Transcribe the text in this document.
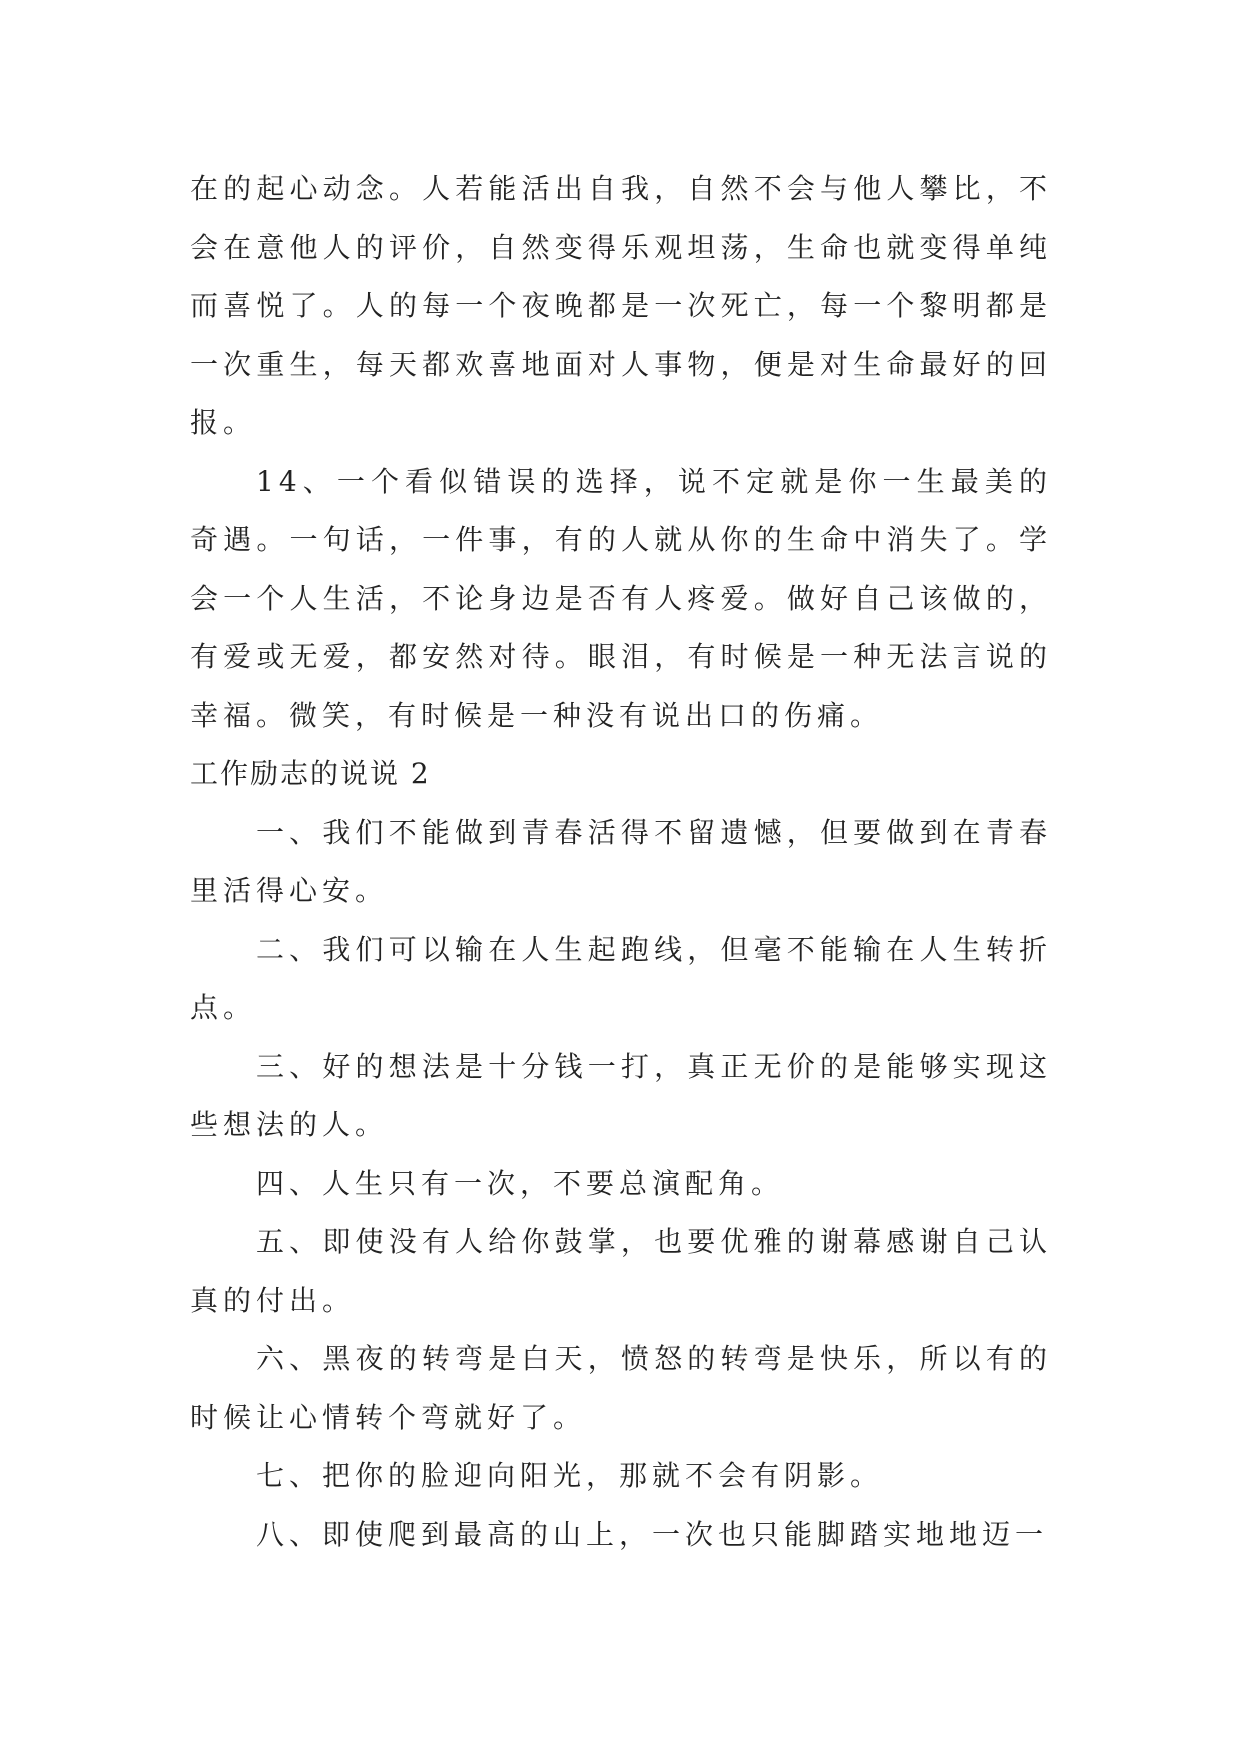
在的起心动念。人若能活出自我，自然不会与他人攀比，不会在意他人的评价，自然变得乐观坦荡，生命也就变得单纯而喜悦了。人的每一个夜晚都是一次死亡，每一个黎明都是一次重生，每天都欢喜地面对人事物，便是对生命最好的回报。

14、一个看似错误的选择，说不定就是你一生最美的奇遇。一句话，一件事，有的人就从你的生命中消失了。学会一个人生活，不论身边是否有人疼爱。做好自己该做的，有爱或无爱，都安然对待。眼泪，有时候是一种无法言说的幸福。微笑，有时候是一种没有说出口的伤痛。

工作励志的说说 2

一、我们不能做到青春活得不留遗憾，但要做到在青春里活得心安。

二、我们可以输在人生起跑线，但毫不能输在人生转折点。

三、好的想法是十分钱一打，真正无价的是能够实现这些想法的人。

四、人生只有一次，不要总演配角。

五、即使没有人给你鼓掌，也要优雅的谢幕感谢自己认真的付出。

六、黑夜的转弯是白天，愤怒的转弯是快乐，所以有的时候让心情转个弯就好了。

七、把你的脸迎向阳光，那就不会有阴影。

八、即使爬到最高的山上，一次也只能脚踏实地地迈一
